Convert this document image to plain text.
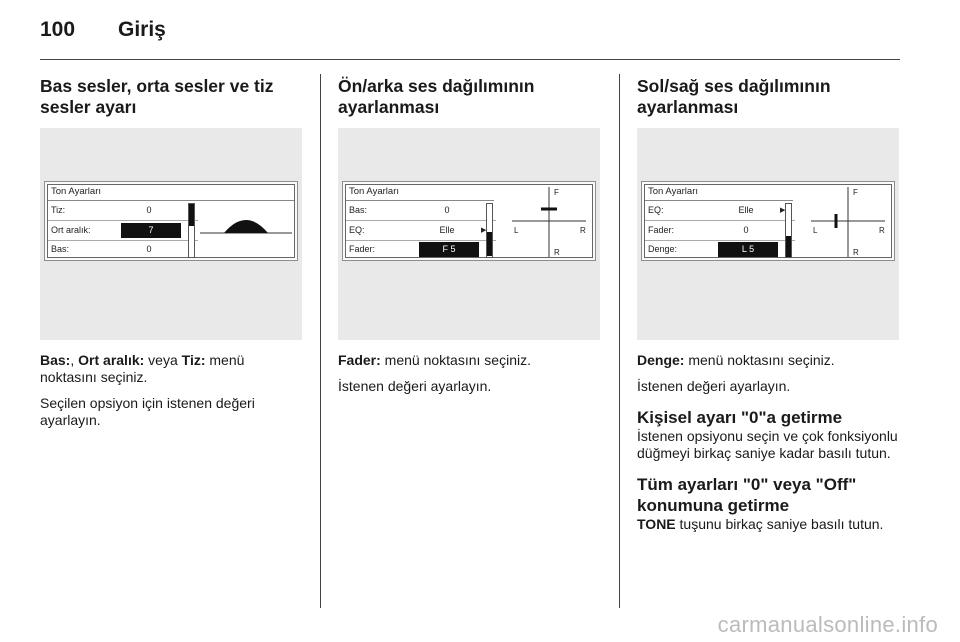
100	Giriş
Bas sesler, orta sesler ve tiz sesler ayarı
Ton Ayarları
Tiz:	0
Ort aralık:	7
Bas:	0

Bas:, Ort aralık: veya Tiz: menü noktasını seçiniz.

Seçilen opsiyon için istenen değeri ayarlayın.

Ön/arka ses dağılımının ayarlanması
Ton Ayarları
Bas:	0
EQ:	Elle	▶
Fader:	F 5
F
R
L	R

Fader: menü noktasını seçiniz.

İstenen değeri ayarlayın.

Sol/sağ ses dağılımının ayarlanması
Ton Ayarları
EQ:	Elle	▶
Fader:	0
Denge:	L 5
F
R
L	R

Denge: menü noktasını seçiniz.

İstenen değeri ayarlayın.

Kişisel ayarı "0"a getirme

İstenen opsiyonu seçin ve çok fonksiyonlu düğmeyi birkaç saniye kadar basılı tutun.

Tüm ayarları "0" veya "Off" konumuna getirme

TONE tuşunu birkaç saniye basılı tutun.

carmanualsonline.info
